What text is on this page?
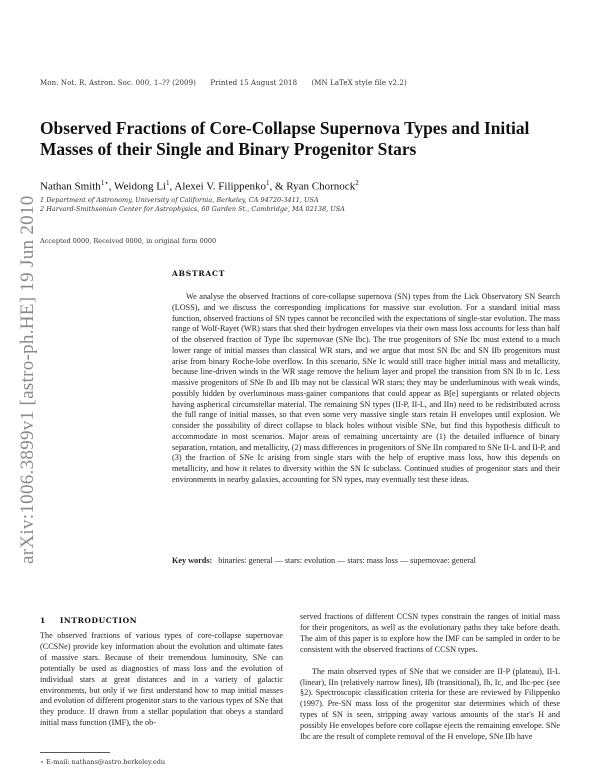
Mon. Not. R. Astron. Soc. 000, 1–?? (2009) Printed 15 August 2018 (MN LaTeX style file v2.2)
Observed Fractions of Core-Collapse Supernova Types and Initial Masses of their Single and Binary Progenitor Stars
Nathan Smith$^{1⋆}$, Weidong Li$^1$, Alexei V. Filippenko$^1$, & Ryan Chornock$^2$
1 Department of Astronomy, University of California, Berkeley, CA 94720-3411, USA
2 Harvard-Smithsonian Center for Astrophysics, 60 Garden St., Cambridge, MA 02138, USA
Accepted 0000, Received 0000, in original form 0000
arXiv:1006.3899v1 [astro-ph.HE] 19 Jun 2010	ABSTRACT
We analyse the observed fractions of core-collapse supernova (SN) types from the Lick Observatory SN Search (LOSS), and we discuss the corresponding implications for massive star evolution. For a standard initial mass function, observed fractions of SN types cannot be reconciled with the expectations of single-star evolution. The mass range of Wolf-Rayet (WR) stars that shed their hydrogen envelopes via their own mass loss accounts for less than half of the observed fraction of Type Ibc supernovae (SNe Ibc). The true progenitors of SNe Ibc must extend to a much lower range of initial masses than classical WR stars, and we argue that most SN Ibc and SN IIb progenitors must arise from binary Roche-lobe overflow. In this scenario, SNe Ic would still trace higher initial mass and metallicity, because line-driven winds in the WR stage remove the helium layer and propel the transition from SN Ib to Ic. Less massive progenitors of SNe Ib and IIb may not be classical WR stars; they may be underluminous with weak winds, possibly hidden by overluminous mass-gainer companions that could appear as B[e] supergiants or related objects having aspherical circumstellar material. The remaining SN types (II-P, II-L, and IIn) need to be redistributed across the full range of initial masses, so that even some very massive single stars retain H envelopes until explosion. We consider the possibility of direct collapse to black holes without visible SNe, but find this hypothesis difficult to accommodate in most scenarios. Major areas of remaining uncertainty are (1) the detailed influence of binary separation, rotation, and metallicity, (2) mass differences in progenitors of SNe IIn compared to SNe II-L and II-P, and (3) the fraction of SNe Ic arising from single stars with the help of eruptive mass loss, how this depends on metallicity, and how it relates to diversity within the SN Ic subclass. Continued studies of progenitor stars and their environments in nearby galaxies, accounting for SN types, may eventually test these ideas.
Key words: binaries: general — stars: evolution — stars: mass loss — supernovae: general
1 INTRODUCTION
The observed fractions of various types of core-collapse supernovae (CCSNe) provide key information about the evolution and ultimate fates of massive stars. Because of their tremendous luminosity, SNe can potentially be used as diagnostics of mass loss and the evolution of individual stars at great distances and in a variety of galactic environments, but only if we first understand how to map initial masses and evolution of different progenitor stars to the various types of SNe that they produce. If drawn from a stellar population that obeys a standard initial mass function (IMF), the ob-

served fractions of different CCSN types constrain the ranges of initial mass for their progenitors, as well as the evolutionary paths they take before death. The aim of this paper is to explore how the IMF can be sampled in order to be consistent with the observed fractions of CCSN types.

The main observed types of SNe that we consider are II-P (plateau), II-L (linear), IIn (relatively narrow lines), IIb (transitional), Ib, Ic, and Ibc-pec (see §2). Spectroscopic classification criteria for these are reviewed by Filippenko (1997). Pre-SN mass loss of the progenitor star determines which of these types of SN is seen, stripping away various amounts of the star's H and possibly He envelopes before core collapse ejects the remaining envelope. SNe Ibc are the result of complete removal of the H envelope, SNe IIb have

⋆ E-mail: nathans@astro.berkeley.edu
